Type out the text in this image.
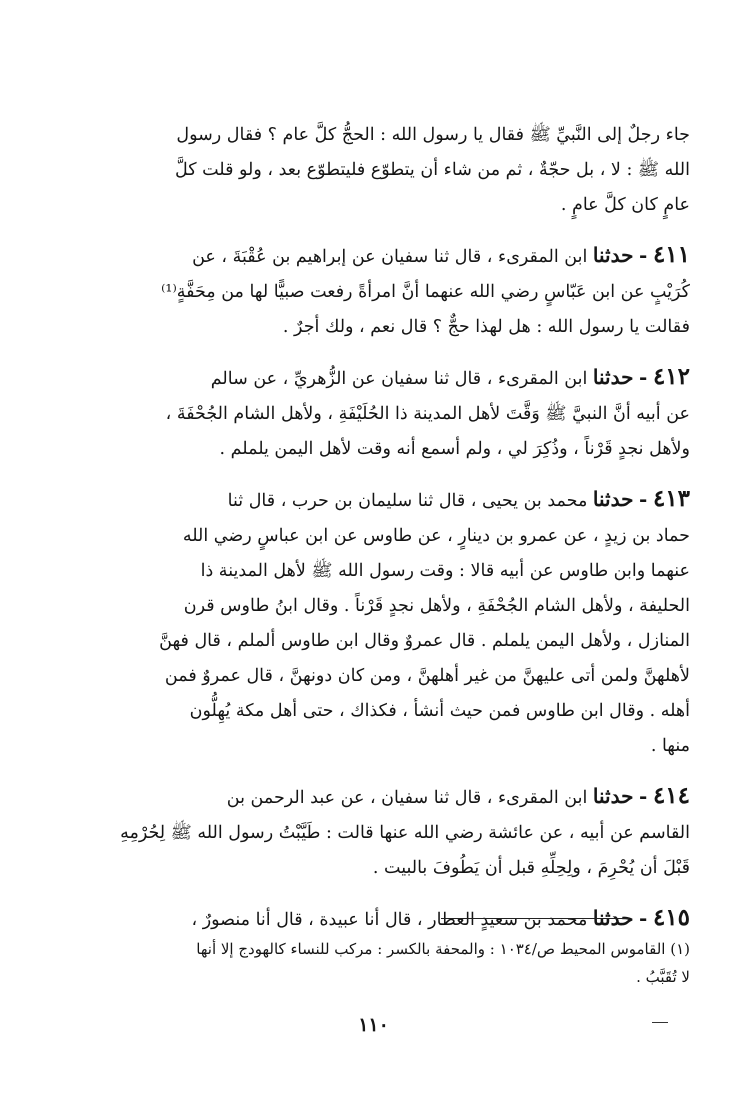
جاء رجلٌ إلى النَّبيِّ ﷺ فقال يا رسول الله : الحجُّ كلَّ عام ؟ فقال رسول

الله ﷺ : لا ، بل حجّةٌ ، ثم من شاء أن يتطوّع فليتطوّع بعد ، ولو قلت كلَّ

عامٍ كان كلَّ عامٍ .

٤١١ - حدثنا ابن المقرىء ، قال ثنا سفيان عن إبراهيم بن عُقْبَةَ ، عن

كُرَيْبٍ عن ابن عَبّاسٍ رضي الله عنهما أنَّ امرأةً رفعت صبيًّا لها من مِحَفَّةٍ⁽¹⁾

فقالت يا رسول الله : هل لهذا حجٌّ ؟ قال نعم ، ولك أجرٌ .

٤١٢ - حدثنا ابن المقرىء ، قال ثنا سفيان عن الزُّهريِّ ، عن سالم

عن أبيه أنَّ النبيَّ ﷺ وَقَّتَ لأهل المدينة ذا الحُلَيْفَةِ ، ولأهل الشام الجُحْفَةَ ،

ولأهل نجدٍ قَرْناً ، وذُكِرَ لي ، ولم أسمع أنه وقت لأهل اليمن يلملم .

٤١٣ - حدثنا محمد بن يحيى ، قال ثنا سليمان بن حرب ، قال ثنا

حماد بن زيدٍ ، عن عمرو بن دينارٍ ، عن طاوس عن ابن عباسٍ رضي الله

عنهما وابن طاوس عن أبيه قالا : وقت رسول الله ﷺ لأهل المدينة ذا

الحليفة ، ولأهل الشام الجُحْفَةِ ، ولأهل نجدٍ قَرْناً . وقال ابنُ طاوس قرن

المنازل ، ولأهل اليمن يلملم . قال عمروٌ وقال ابن طاوس ألملم ، قال فهنَّ

لأهلهنَّ ولمن أتى عليهنَّ من غير أهلهنَّ ، ومن كان دونهنَّ ، قال عمروٌ فمن

أهله . وقال ابن طاوس فمن حيث أنشأ ، فكذاك ، حتى أهل مكة يُهِلُّون

منها .

٤١٤ - حدثنا ابن المقرىء ، قال ثنا سفيان ، عن عبد الرحمن بن

القاسم عن أبيه ، عن عائشة رضي الله عنها قالت : طَيَّبْتُ رسول الله ﷺ لِحُرْمِهِ

قَبْلَ أن يُحْرِمَ ، ولِحِلِّهِ قبل أن يَطُوفَ بالبيت .

٤١٥ - حدثنا محمد بن سعيدٍ العطار ، قال أنا عبيدة ، قال أنا منصورٌ ،

(١) القاموس المحيط ص/١٠٣٤ : والمحفة بالكسر : مركب للنساء كالهودج إلا أنها

لا تُقَبَّبُ .

١١٠
